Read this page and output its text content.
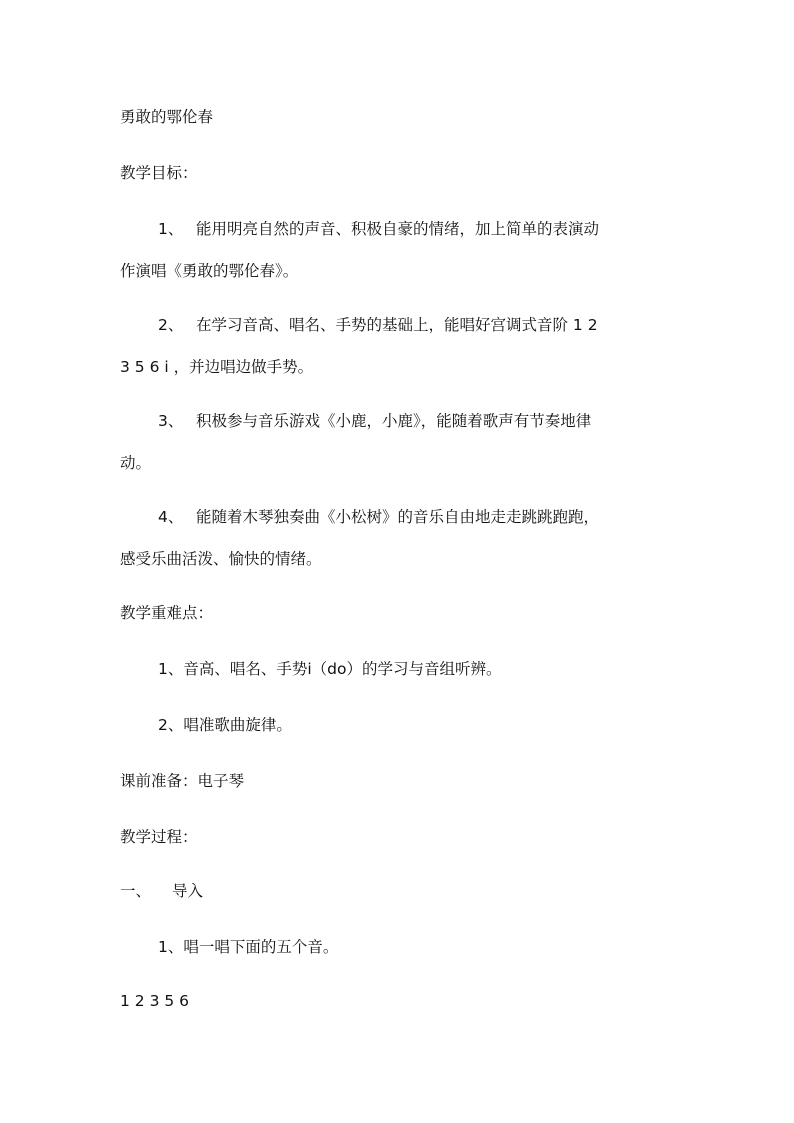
勇敢的鄂伦春
教学目标：
1、 能用明亮自然的声音、积极自豪的情绪，加上简单的表演动
作演唱《勇敢的鄂伦春》。
2、 在学习音高、唱名、手势的基础上，能唱好宫调式音阶 1 2
3 5 6 i ，并边唱边做手势。
3、 积极参与音乐游戏《小鹿，小鹿》，能随着歌声有节奏地律
动。
4、 能随着木琴独奏曲《小松树》的音乐自由地走走跳跳跑跑，
感受乐曲活泼、愉快的情绪。
教学重难点：
1、音高、唱名、手势i（do）的学习与音组听辨。
2、唱准歌曲旋律。
课前准备：电子琴
教学过程：
一、 导入
1、唱一唱下面的五个音。
1 2 3 5 6
